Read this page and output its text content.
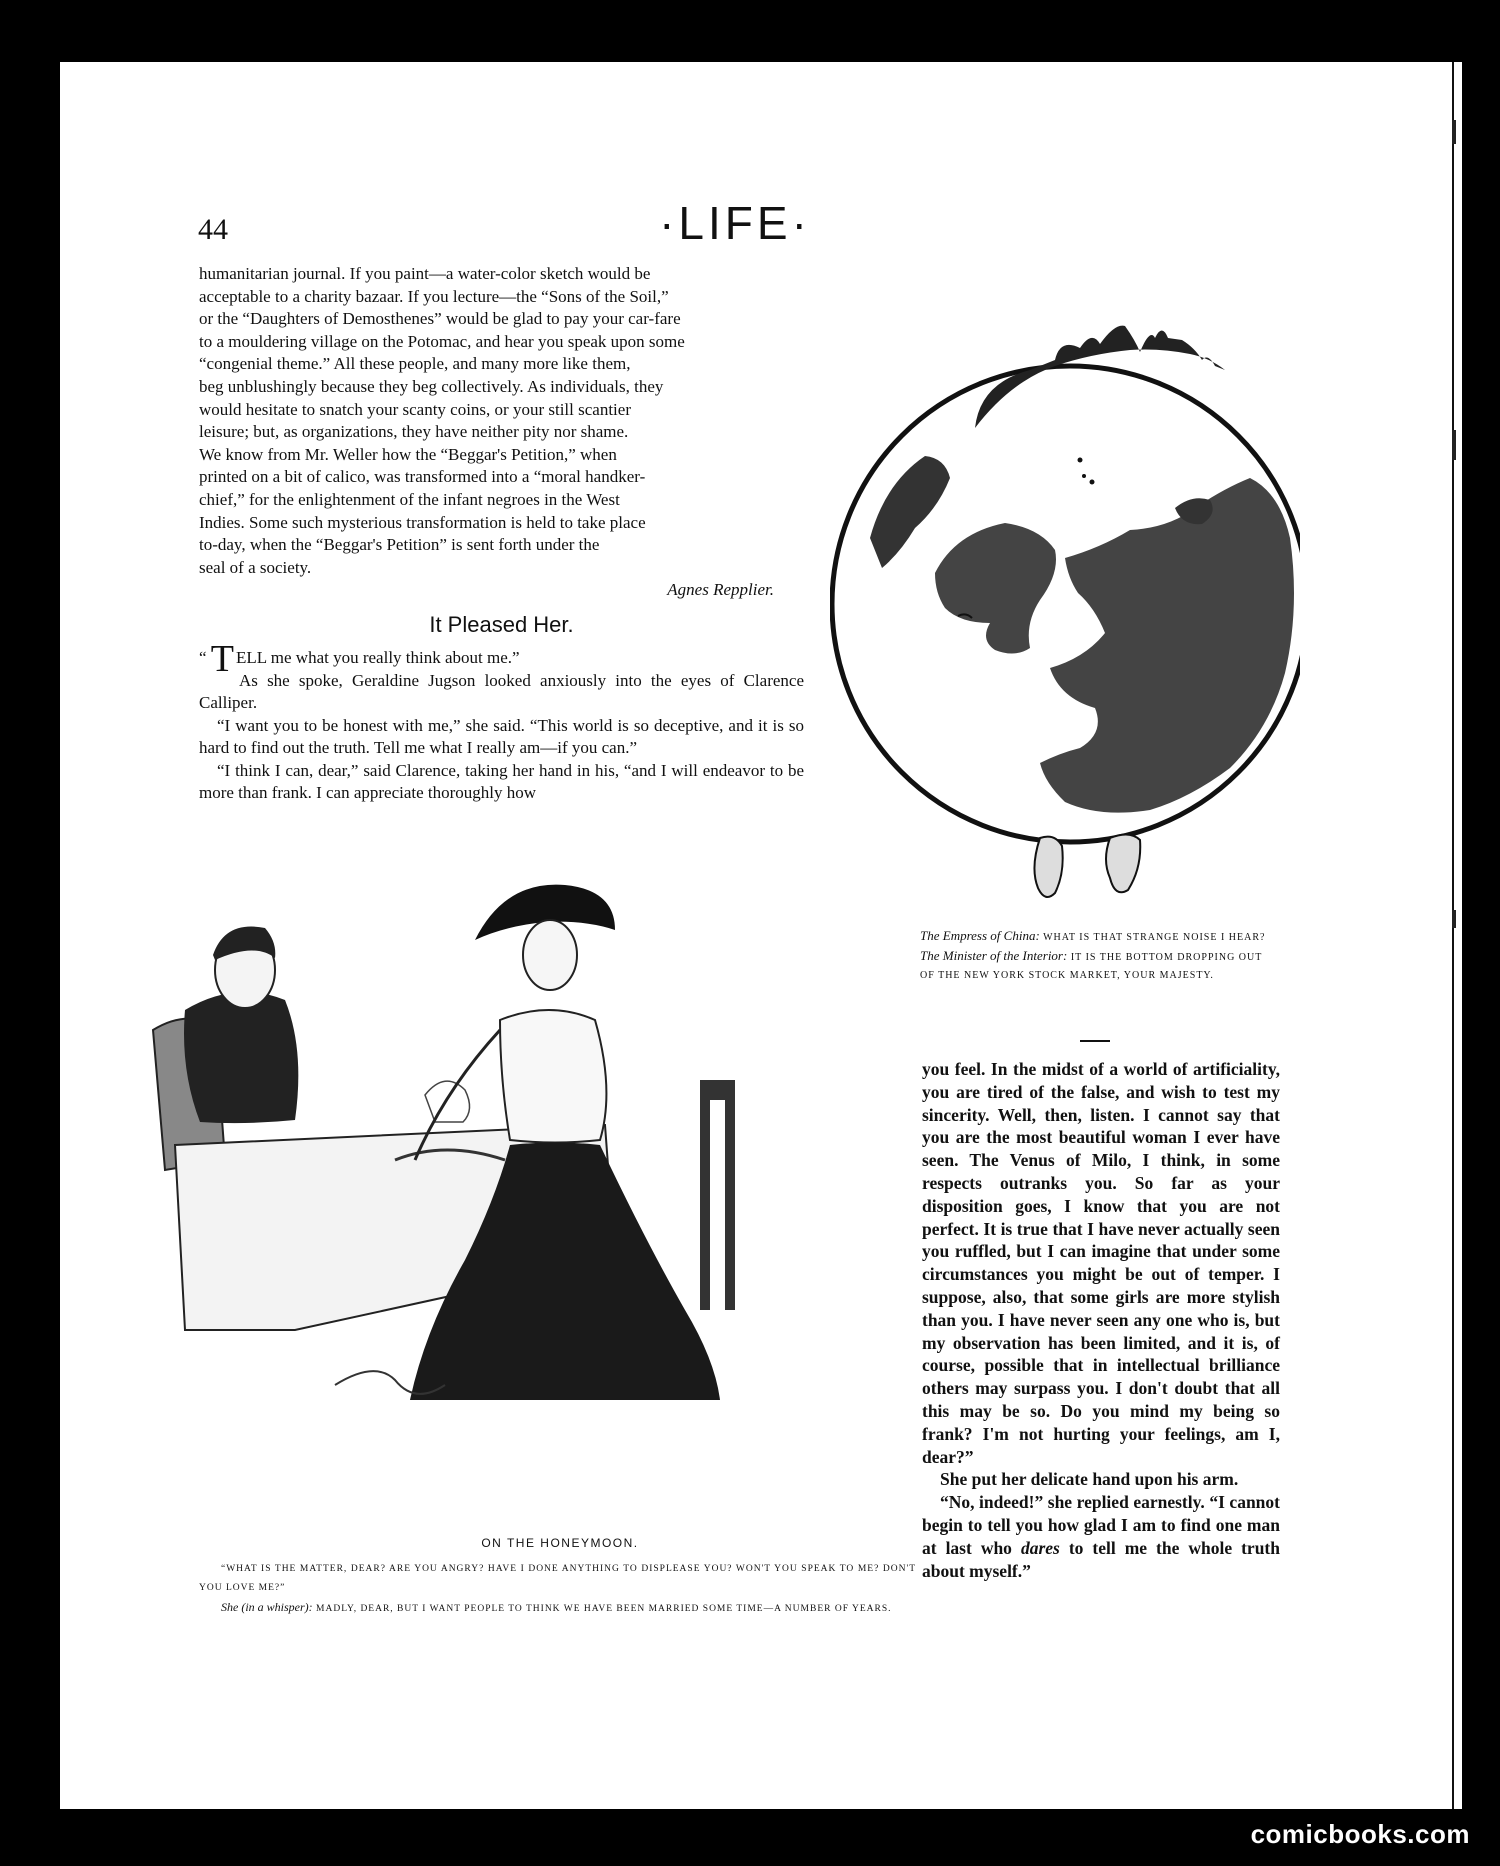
44	·LIFE·

humanitarian journal. If you paint—a water-color sketch would be

acceptable to a charity bazaar. If you lecture—the “Sons of the Soil,”

or the “Daughters of Demosthenes” would be glad to pay your car-fare

to a mouldering village on the Potomac, and hear you speak upon some

“congenial theme.” All these people, and many more like them,

beg unblushingly because they beg collectively. As individuals, they

would hesitate to snatch your scanty coins, or your still scantier

leisure; but, as organizations, they have neither pity nor shame.

We know from Mr. Weller how the “Beggar's Petition,” when

printed on a bit of calico, was transformed into a “moral handker-

chief,” for the enlightenment of the infant negroes in the West

Indies. Some such mysterious transformation is held to take place

to-day, when the “Beggar's Petition” is sent forth under the

seal of a society.

Agnes Repplier.

It Pleased Her.

“ T ELL me what you really think about me.”

As she spoke, Geraldine Jugson looked anxiously into the eyes of Clarence Calliper.

“I want you to be honest with me,” she said. “This world is so deceptive, and it is so hard to find out the truth. Tell me what I really am—if you can.”

“I think I can, dear,” said Clarence, taking her hand in his, “and I will endeavor to be more than frank. I can appreciate thoroughly how

The Empress of China: WHAT IS THAT STRANGE NOISE I HEAR?
The Minister of the Interior: IT IS THE BOTTOM DROPPING OUT OF THE NEW YORK STOCK MARKET, YOUR MAJESTY.
ON THE HONEYMOON.

“WHAT IS THE MATTER, DEAR? ARE YOU ANGRY? HAVE I DONE ANYTHING TO DISPLEASE YOU? WON'T YOU SPEAK TO ME? DON'T YOU LOVE ME?”

She (in a whisper): MADLY, DEAR, BUT I WANT PEOPLE TO THINK WE HAVE BEEN MARRIED SOME TIME—A NUMBER OF YEARS.

you feel. In the midst of a world of artificiality, you are tired of the false, and wish to test my sincerity. Well, then, listen. I cannot say that you are the most beautiful woman I ever have seen. The Venus of Milo, I think, in some respects outranks you. So far as your disposition goes, I know that you are not perfect. It is true that I have never actually seen you ruffled, but I can imagine that under some circumstances you might be out of temper. I suppose, also, that some girls are more stylish than you. I have never seen any one who is, but my observation has been limited, and it is, of course, possible that in intellectual brilliance others may surpass you. I don't doubt that all this may be so. Do you mind my being so frank? I'm not hurting your feelings, am I, dear?”

She put her delicate hand upon his arm.

“No, indeed!” she replied earnestly. “I cannot begin to tell you how glad I am to find one man at last who dares to tell me the whole truth about myself.”

comicbooks.com
